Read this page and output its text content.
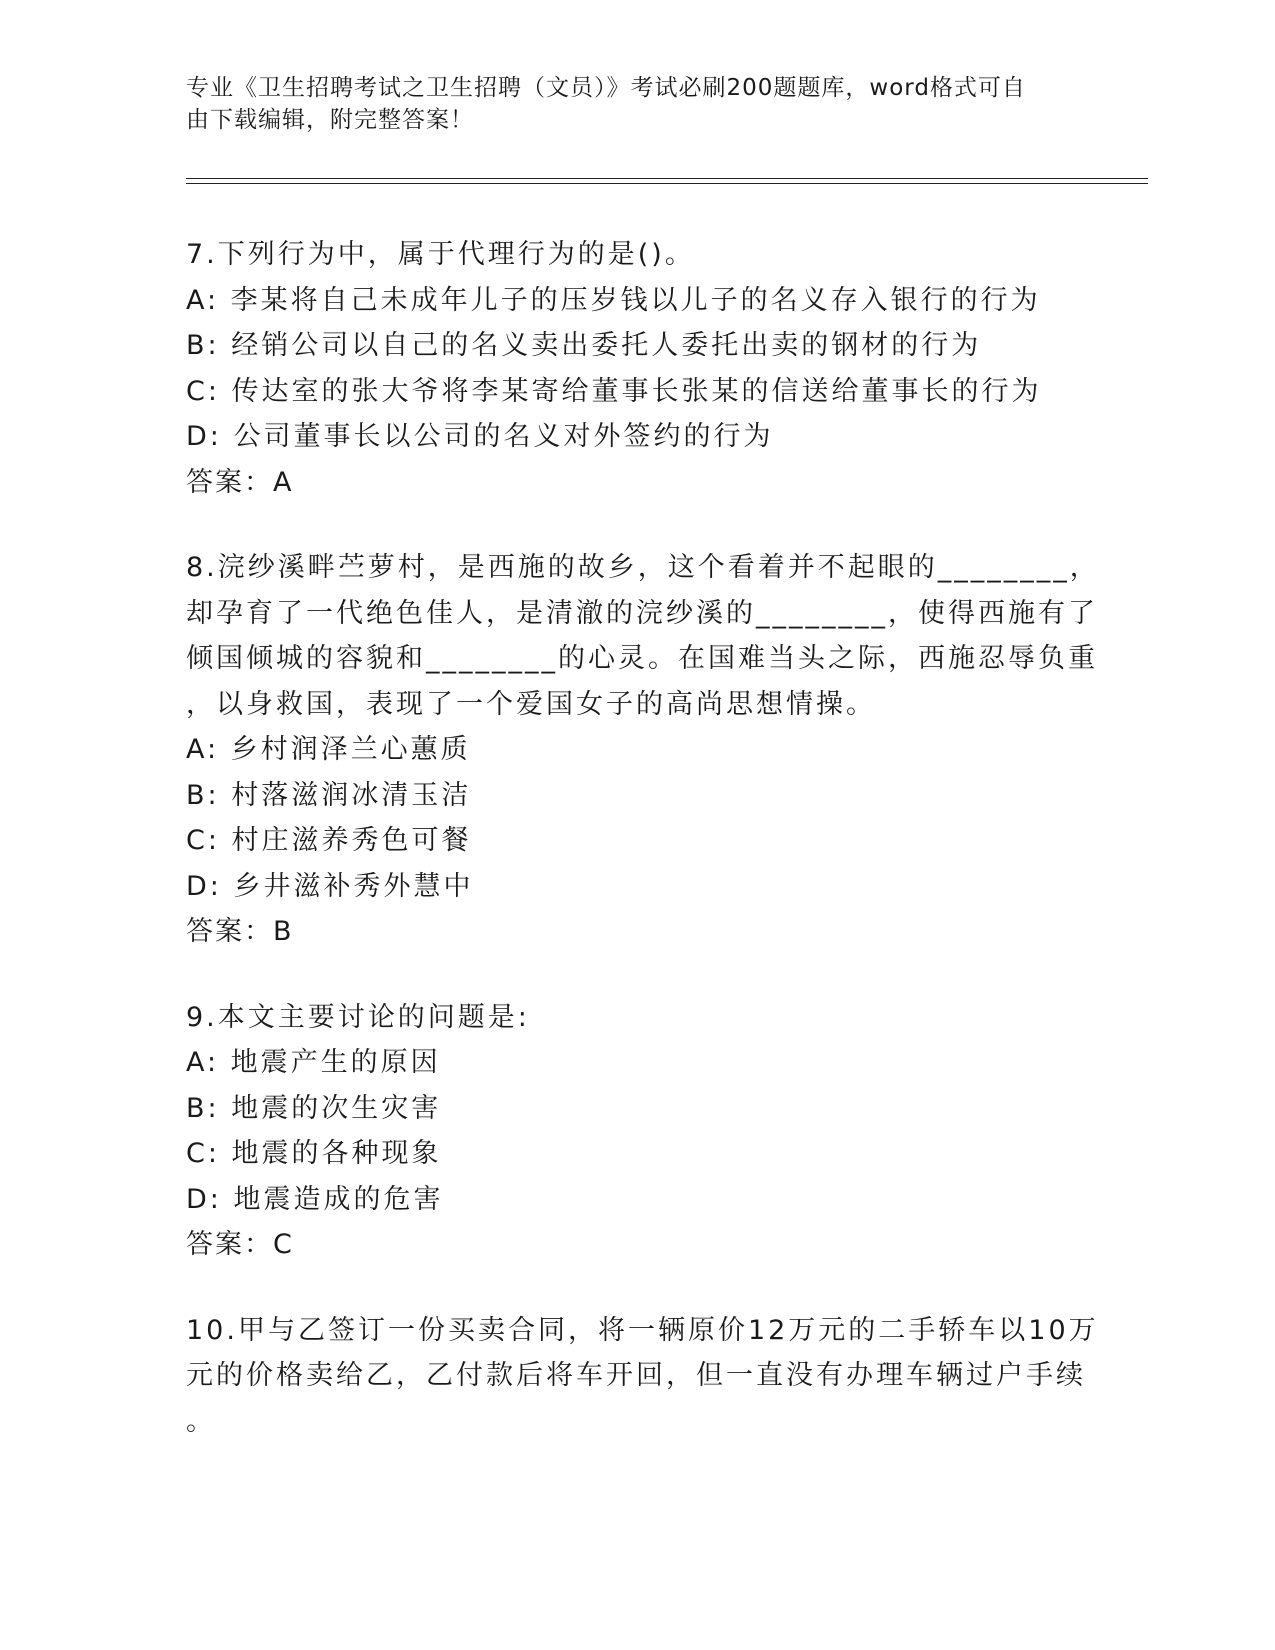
专业《卫生招聘考试之卫生招聘（文员）》考试必刷200题题库，word格式可自
由下载编辑，附完整答案！
7.下列行为中，属于代理行为的是()。
A: 李某将自己未成年儿子的压岁钱以儿子的名义存入银行的行为
B: 经销公司以自己的名义卖出委托人委托出卖的钢材的行为
C: 传达室的张大爷将李某寄给董事长张某的信送给董事长的行为
D: 公司董事长以公司的名义对外签约的行为
答案：A
8.浣纱溪畔苎萝村，是西施的故乡，这个看着并不起眼的________，
却孕育了一代绝色佳人，是清澈的浣纱溪的________，使得西施有了
倾国倾城的容貌和________的心灵。在国难当头之际，西施忍辱负重
，以身救国，表现了一个爱国女子的高尚思想情操。
A: 乡村润泽兰心蕙质
B: 村落滋润冰清玉洁
C: 村庄滋养秀色可餐
D: 乡井滋补秀外慧中
答案：B
9.本文主要讨论的问题是:
A: 地震产生的原因
B: 地震的次生灾害
C: 地震的各种现象
D: 地震造成的危害
答案：C
10.甲与乙签订一份买卖合同，将一辆原价12万元的二手轿车以10万
元的价格卖给乙，乙付款后将车开回，但一直没有办理车辆过户手续
。
